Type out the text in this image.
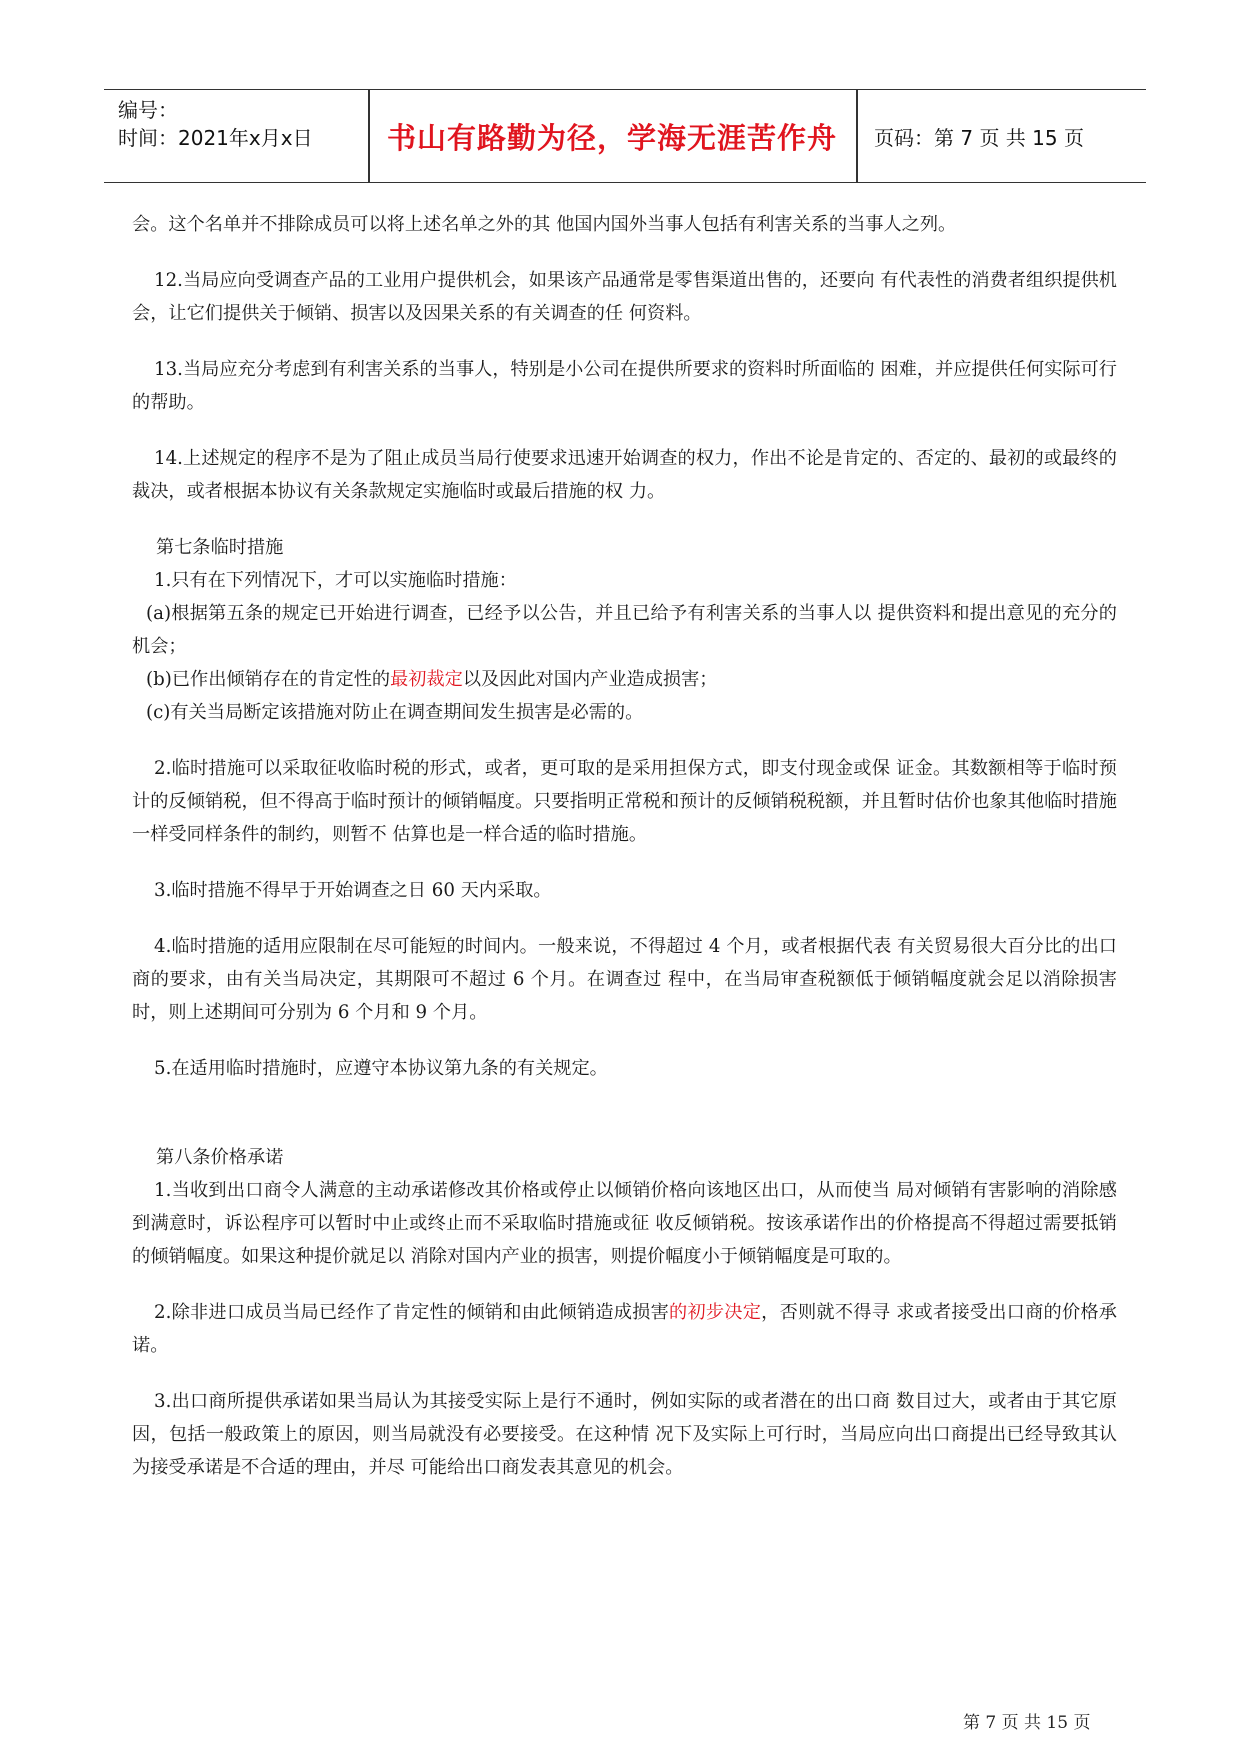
编号：
时间：2021年x月x日	书山有路勤为径，学海无涯苦作舟	页码：第 7 页 共 15 页

会。这个名单并不排除成员可以将上述名单之外的其 他国内国外当事人包括有利害关系的当事人之列。

12.当局应向受调查产品的工业用户提供机会，如果该产品通常是零售渠道出售的，还要向 有代表性的消费者组织提供机会，让它们提供关于倾销、损害以及因果关系的有关调查的任 何资料。

13.当局应充分考虑到有利害关系的当事人，特别是小公司在提供所要求的资料时所面临的 困难，并应提供任何实际可行的帮助。

14.上述规定的程序不是为了阻止成员当局行使要求迅速开始调查的权力，作出不论是肯定的、否定的、最初的或最终的裁决，或者根据本协议有关条款规定实施临时或最后措施的权 力。

第七条临时措施

1.只有在下列情况下，才可以实施临时措施：

(a)根据第五条的规定已开始进行调查，已经予以公告，并且已给予有利害关系的当事人以 提供资料和提出意见的充分的机会；

(b)已作出倾销存在的肯定性的最初裁定以及因此对国内产业造成损害；

(c)有关当局断定该措施对防止在调查期间发生损害是必需的。

2.临时措施可以采取征收临时税的形式，或者，更可取的是采用担保方式，即支付现金或保 证金。其数额相等于临时预计的反倾销税，但不得高于临时预计的倾销幅度。只要指明正常税和预计的反倾销税税额，并且暂时估价也象其他临时措施一样受同样条件的制约，则暂不 估算也是一样合适的临时措施。

3.临时措施不得早于开始调查之日 60 天内采取。

4.临时措施的适用应限制在尽可能短的时间内。一般来说，不得超过 4 个月，或者根据代表 有关贸易很大百分比的出口商的要求，由有关当局决定，其期限可不超过 6 个月。在调查过 程中，在当局审查税额低于倾销幅度就会足以消除损害时，则上述期间可分别为 6 个月和 9 个月。

5.在适用临时措施时，应遵守本协议第九条的有关规定。

第八条价格承诺

1.当收到出口商令人满意的主动承诺修改其价格或停止以倾销价格向该地区出口，从而使当 局对倾销有害影响的消除感到满意时，诉讼程序可以暂时中止或终止而不采取临时措施或征 收反倾销税。按该承诺作出的价格提高不得超过需要抵销的倾销幅度。如果这种提价就足以 消除对国内产业的损害，则提价幅度小于倾销幅度是可取的。

2.除非进口成员当局已经作了肯定性的倾销和由此倾销造成损害的初步决定，否则就不得寻 求或者接受出口商的价格承诺。

3.出口商所提供承诺如果当局认为其接受实际上是行不通时，例如实际的或者潜在的出口商 数目过大，或者由于其它原因，包括一般政策上的原因，则当局就没有必要接受。在这种情 况下及实际上可行时，当局应向出口商提出已经导致其认为接受承诺是不合适的理由，并尽 可能给出口商发表其意见的机会。

第 7 页 共 15 页
